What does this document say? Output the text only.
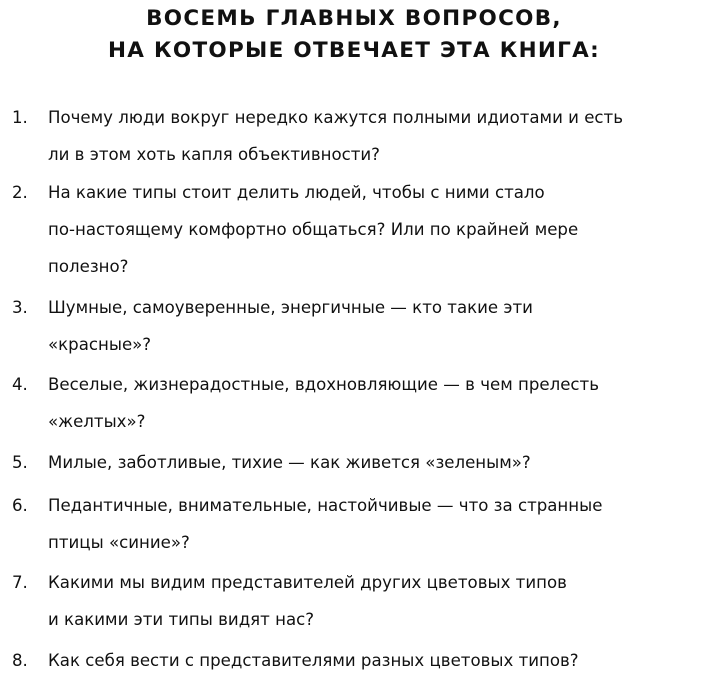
ВОСЕМЬ ГЛАВНЫХ ВОПРОСОВ,
НА КОТОРЫЕ ОТВЕЧАЕТ ЭТА КНИГА:
1. Почему люди вокруг нередко кажутся полными идиотами и есть
ли в этом хоть капля объективности?
2. На какие типы стоит делить людей, чтобы с ними стало
по-настоящему комфортно общаться? Или по крайней мере
полезно?
3. Шумные, самоуверенные, энергичные — кто такие эти
«красные»?
4. Веселые, жизнерадостные, вдохновляющие — в чем прелесть
«желтых»?
5. Милые, заботливые, тихие — как живется «зеленым»?
6. Педантичные, внимательные, настойчивые — что за странные
птицы «синие»?
7. Какими мы видим представителей других цветовых типов
и какими эти типы видят нас?
8. Как себя вести с представителями разных цветовых типов?
